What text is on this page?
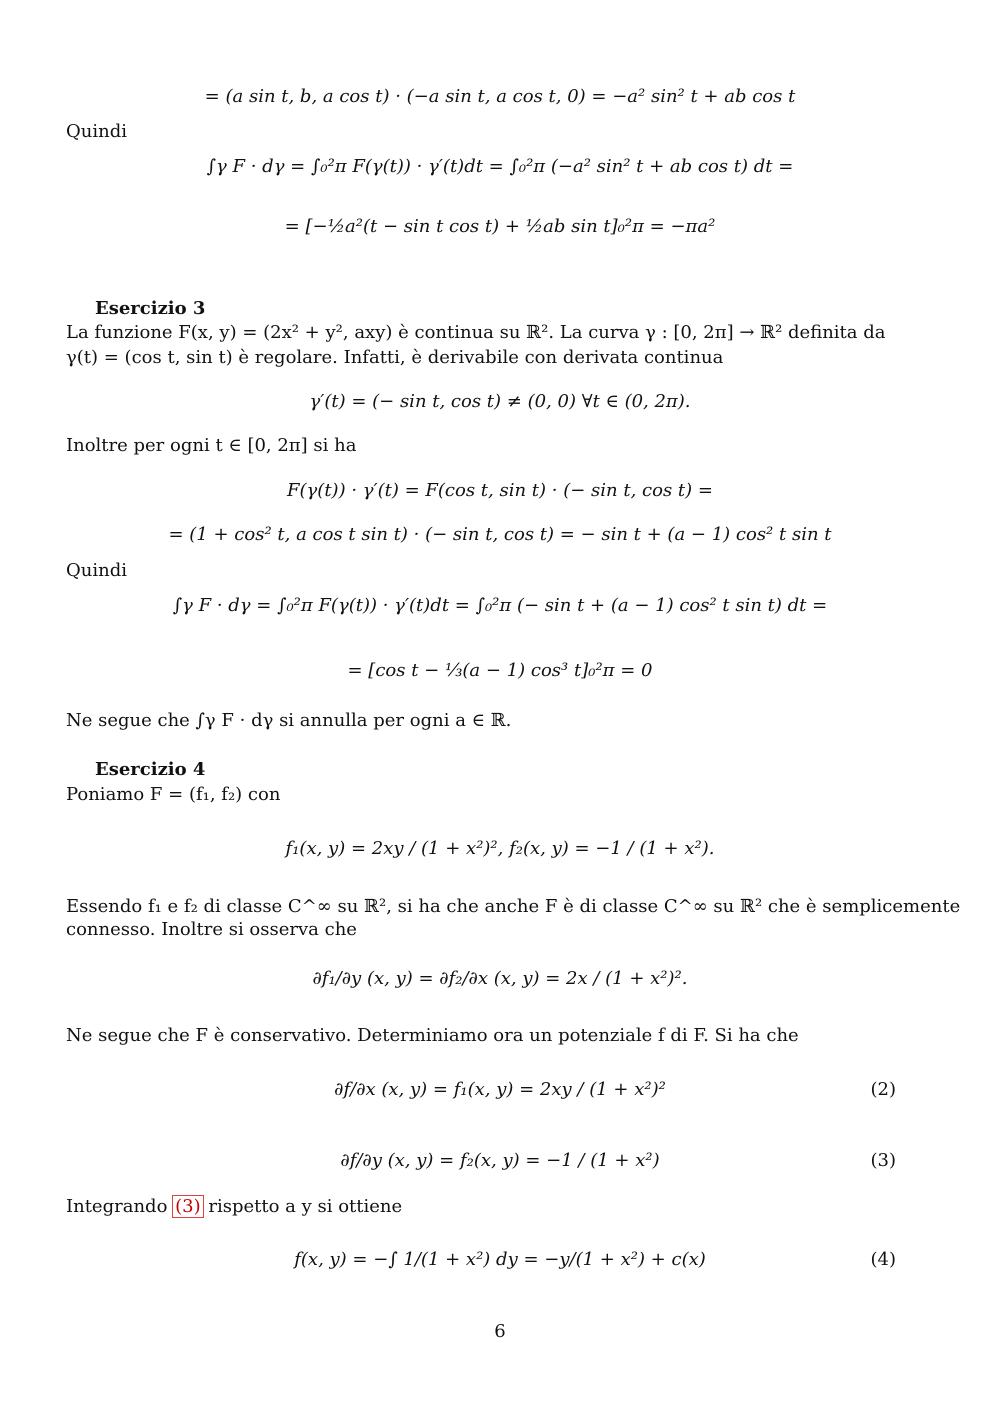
= (a sin t, b, a cos t) · (−a sin t, a cos t, 0) = −a² sin² t + ab cos t
Quindi
∫γ F · dγ = ∫₀²π F(γ(t)) · γ′(t)dt = ∫₀²π (−a² sin² t + ab cos t) dt =
= [−½a²(t − sin t cos t) + ½ab sin t]₀²π = −πa²
Esercizio 3
La funzione F(x, y) = (2x² + y², axy) è continua su ℝ². La curva γ : [0, 2π] → ℝ² definita da
γ(t) = (cos t, sin t) è regolare. Infatti, è derivabile con derivata continua
γ′(t) = (− sin t, cos t) ≠ (0, 0) ∀t ∈ (0, 2π).
Inoltre per ogni t ∈ [0, 2π] si ha
F(γ(t)) · γ′(t) = F(cos t, sin t) · (− sin t, cos t) =
= (1 + cos² t, a cos t sin t) · (− sin t, cos t) = − sin t + (a − 1) cos² t sin t
Quindi
∫γ F · dγ = ∫₀²π F(γ(t)) · γ′(t)dt = ∫₀²π (− sin t + (a − 1) cos² t sin t) dt =
= [cos t − ⅓(a − 1) cos³ t]₀²π = 0
Ne segue che ∫γ F · dγ si annulla per ogni a ∈ ℝ.
Esercizio 4
Poniamo F = (f₁, f₂) con
f₁(x, y) = 2xy / (1 + x²)², f₂(x, y) = −1 / (1 + x²).
Essendo f₁ e f₂ di classe C^∞ su ℝ², si ha che anche F è di classe C^∞ su ℝ² che è semplicemente
connesso. Inoltre si osserva che
∂f₁/∂y (x, y) = ∂f₂/∂x (x, y) = 2x / (1 + x²)².
Ne segue che F è conservativo. Determiniamo ora un potenziale f di F. Si ha che
∂f/∂x (x, y) = f₁(x, y) = 2xy / (1 + x²)²	(2)
∂f/∂y (x, y) = f₂(x, y) = −1 / (1 + x²)	(3)
Integrando (3) rispetto a y si ottiene
f(x, y) = −∫ 1/(1 + x²) dy = −y/(1 + x²) + c(x)	(4)
6
